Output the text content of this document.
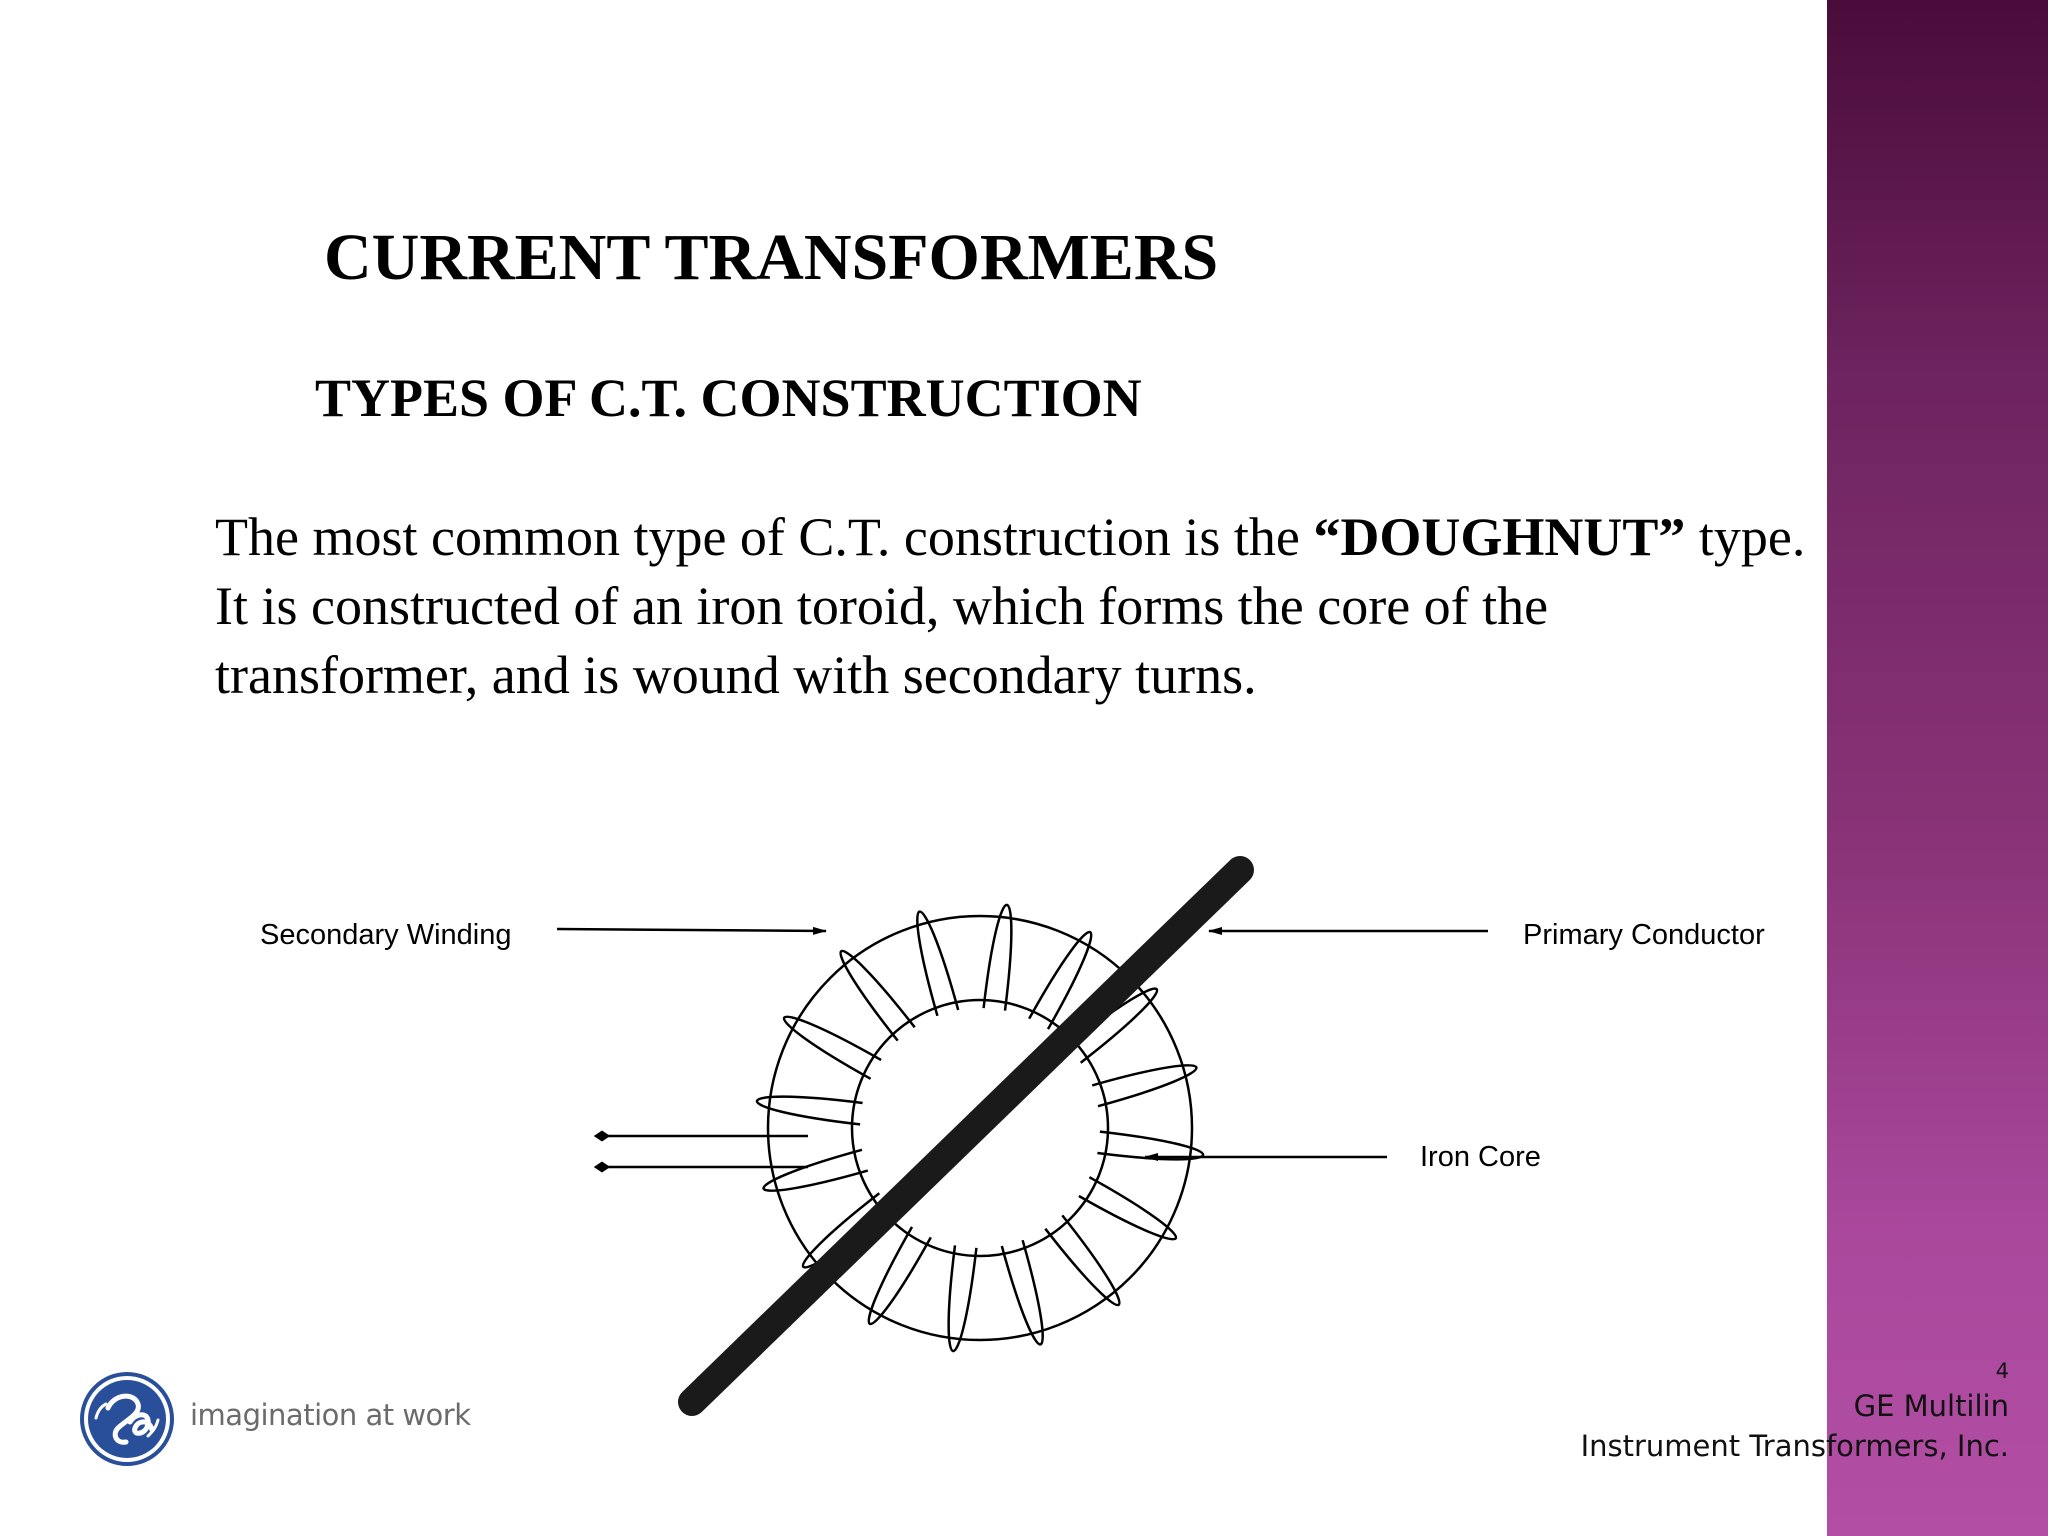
CURRENT TRANSFORMERS
TYPES OF C.T. CONSTRUCTION

The most common type of C.T. construction is the “DOUGHNUT” type. It is constructed of an iron toroid, which forms the core of the transformer, and is wound with secondary turns.

Secondary Winding	Primary Conductor
Iron Core

imagination at work

4
GE Multilin
Instrument Transformers, Inc.
